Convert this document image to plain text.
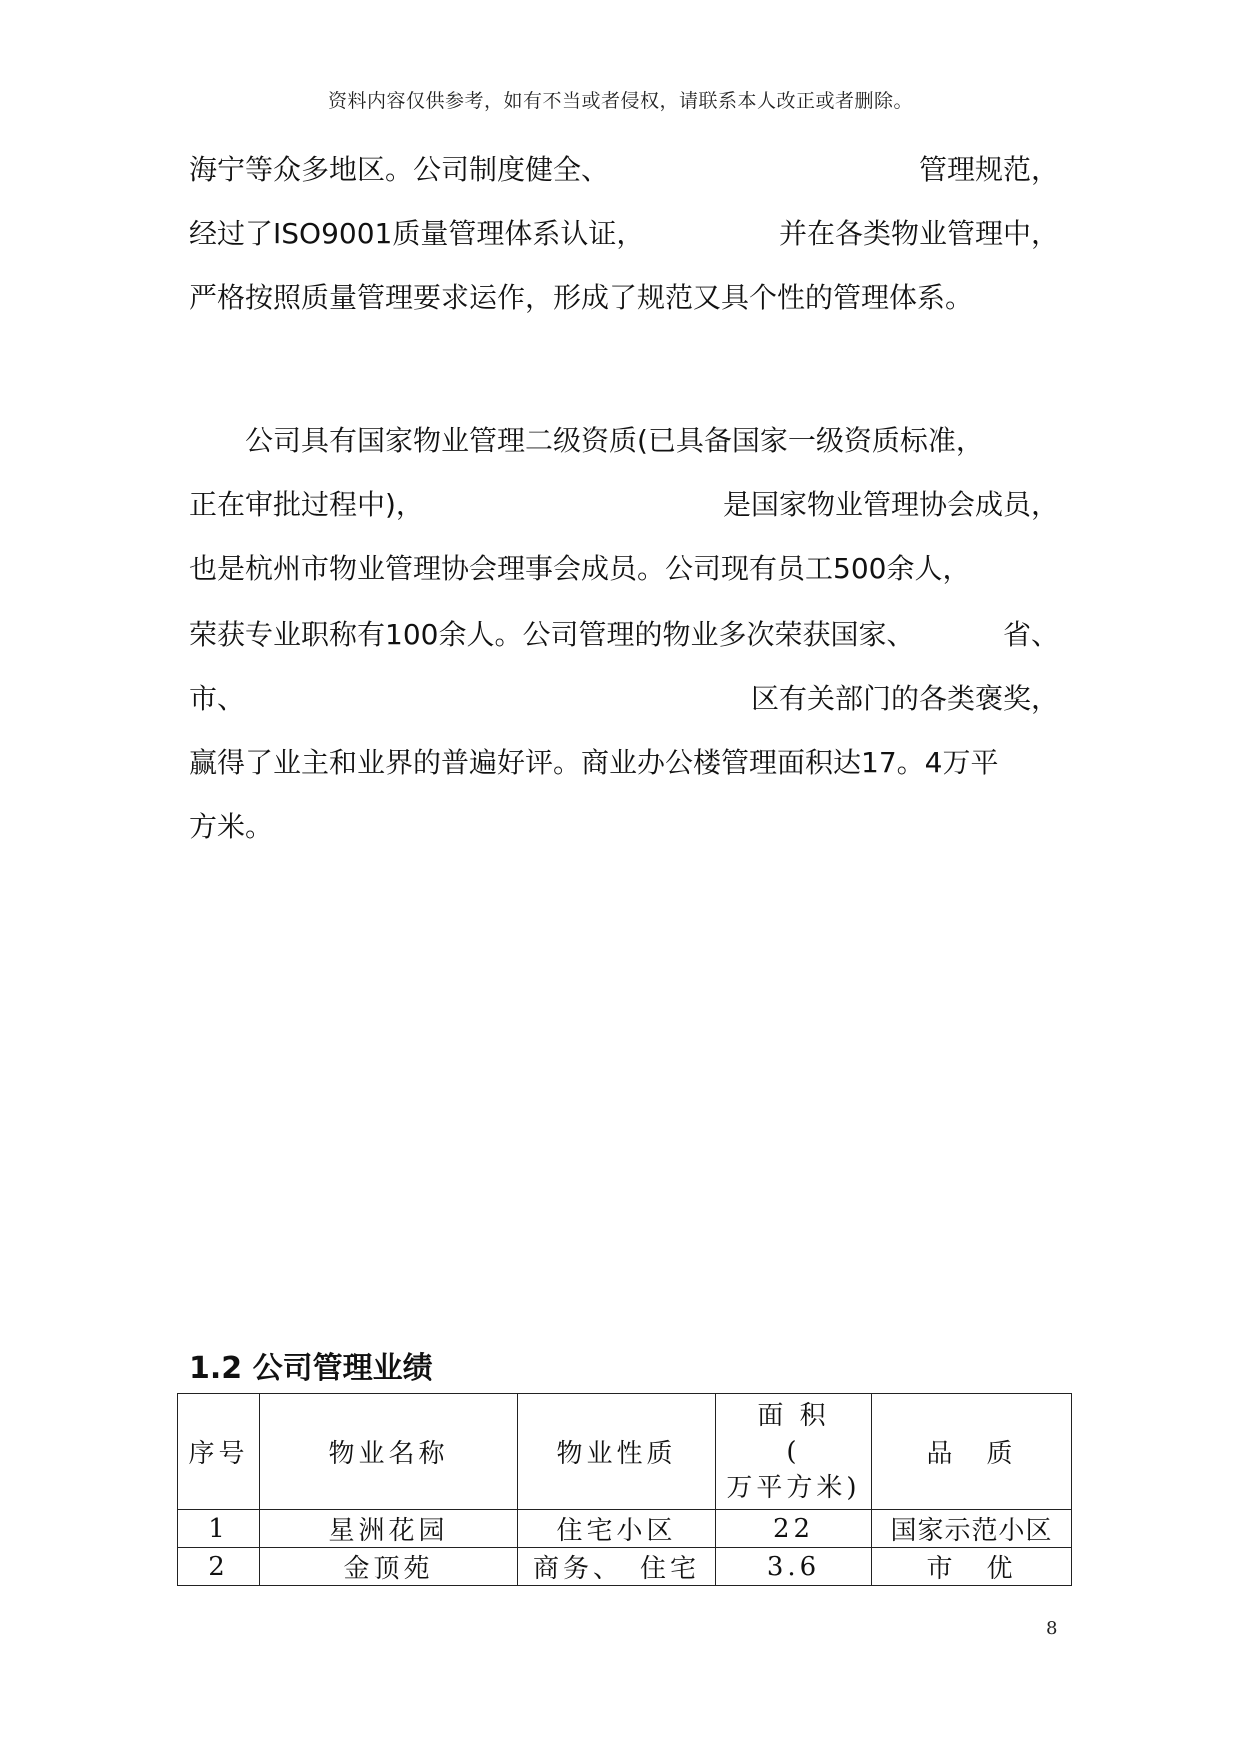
资料内容仅供参考，如有不当或者侵权，请联系本人改正或者删除。
海宁等众多地区。公司制度健全、	管理规范，
经过了ISO9001质量管理体系认证，	并在各类物业管理中，
严格按照质量管理要求运作，形成了规范又具个性的管理体系。
　　公司具有国家物业管理二级资质(已具备国家一级资质标准，
正在审批过程中)，	是国家物业管理协会成员，
也是杭州市物业管理协会理事会成员。公司现有员工500余人，
荣获专业职称有100余人。公司管理的物业多次荣获国家、	省、
市、	区有关部门的各类褒奖，
赢得了业主和业界的普遍好评。商业办公楼管理面积达17。4万平
方米。
1.2 公司管理业绩
序号	物业名称	物业性质	面 积
(
万平方米)	品　质
1	星洲花园	住宅小区	22	国家示范小区
2	金顶苑	商务、　住宅	3.6	市　优
8
